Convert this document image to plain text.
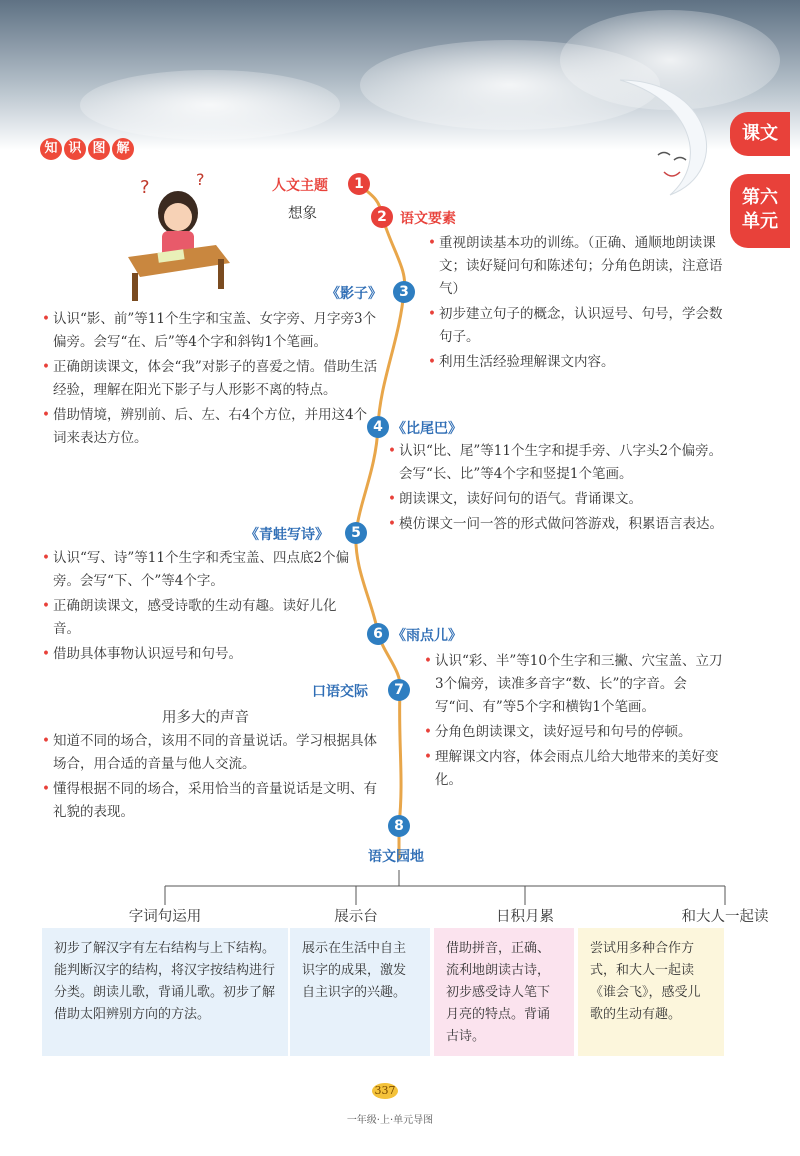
课文
第六单元
知 识 图 解
?	?	1
人文主题
想象	2 语文要素
3
《影子》
4 《比尾巴》
5
《青蛙写诗》
6 《雨点儿》
7
口语交际
8
语文园地

• 重视朗读基本功的训练。（正确、通顺地朗读课文；读好疑问句和陈述句；分角色朗读，注意语气）

• 初步建立句子的概念，认识逗号、句号，学会数句子。

• 利用生活经验理解课文内容。

• 认识“影、前”等11个生字和宝盖、女字旁、月字旁3个偏旁。会写“在、后”等4个字和斜钩1个笔画。

• 正确朗读课文，体会“我”对影子的喜爱之情。借助生活经验，理解在阳光下影子与人形影不离的特点。

• 借助情境，辨别前、后、左、右4个方位，并用这4个词来表达方位。

• 认识“比、尾”等11个生字和提手旁、八字头2个偏旁。会写“长、比”等4个字和竖提1个笔画。

• 朗读课文，读好问句的语气。背诵课文。

• 模仿课文一问一答的形式做问答游戏，积累语言表达。

• 认识“写、诗”等11个生字和秃宝盖、四点底2个偏旁。会写“下、个”等4个字。

• 正确朗读课文，感受诗歌的生动有趣。读好儿化音。

• 借助具体事物认识逗号和句号。

•	认识“彩、半”等10个生字和三撇、穴宝盖、立刀3个偏旁，读准多音字“数、长”的字音。会写“问、有”等5个字和横钩1个笔画。

• 分角色朗读课文，读好逗号和句号的停顿。

• 理解课文内容，体会雨点儿给大地带来的美好变化。

用多大的声音

• 知道不同的场合，该用不同的音量说话。学习根据具体场合，用合适的音量与他人交流。

• 懂得根据不同的场合，采用恰当的音量说话是文明、有礼貌的表现。

字词句运用	展示台	日积月累	和大人一起读
初步了解汉字有左右结构与上下结构。能判断汉字的结构，将汉字按结构进行分类。朗读儿歌，背诵儿歌。初步了解借助太阳辨别方向的方法。
展示在生活中自主识字的成果，激发自主识字的兴趣。
借助拼音，正确、流利地朗读古诗，初步感受诗人笔下月亮的特点。背诵古诗。
尝试用多种合作方式，和大人一起读《谁会飞》，感受儿歌的生动有趣。
337
一年级·上·单元导图
